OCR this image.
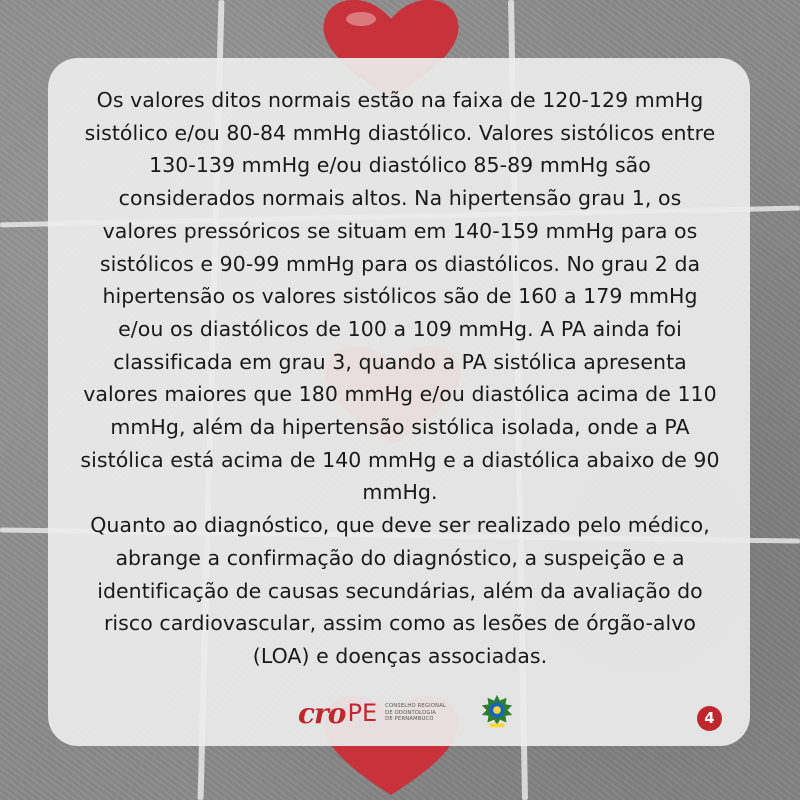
Os valores ditos normais estão na faixa de 120-129 mmHg sistólico e/ou 80-84 mmHg diastólico. Valores sistólicos entre 130-139 mmHg e/ou diastólico 85-89 mmHg são considerados normais altos. Na hipertensão grau 1, os valores pressóricos se situam em 140-159 mmHg para os sistólicos e 90-99 mmHg para os diastólicos. No grau 2 da hipertensão os valores sistólicos são de 160 a 179 mmHg e/ou os diastólicos de 100 a 109 mmHg. A PA ainda foi classificada em grau 3, quando a PA sistólica apresenta valores maiores que 180 mmHg e/ou diastólica acima de 110 mmHg, além da hipertensão sistólica isolada, onde a PA sistólica está acima de 140 mmHg e a diastólica abaixo de 90 mmHg.

Quanto ao diagnóstico, que deve ser realizado pelo médico, abrange a confirmação do diagnóstico, a suspeição e a identificação de causas secundárias, além da avaliação do risco cardiovascular, assim como as lesões de órgão-alvo (LOA) e doenças associadas.

cro PE CONSELHO REGIONAL
DE ODONTOLOGIA
DE PERNAMBUCO	4
